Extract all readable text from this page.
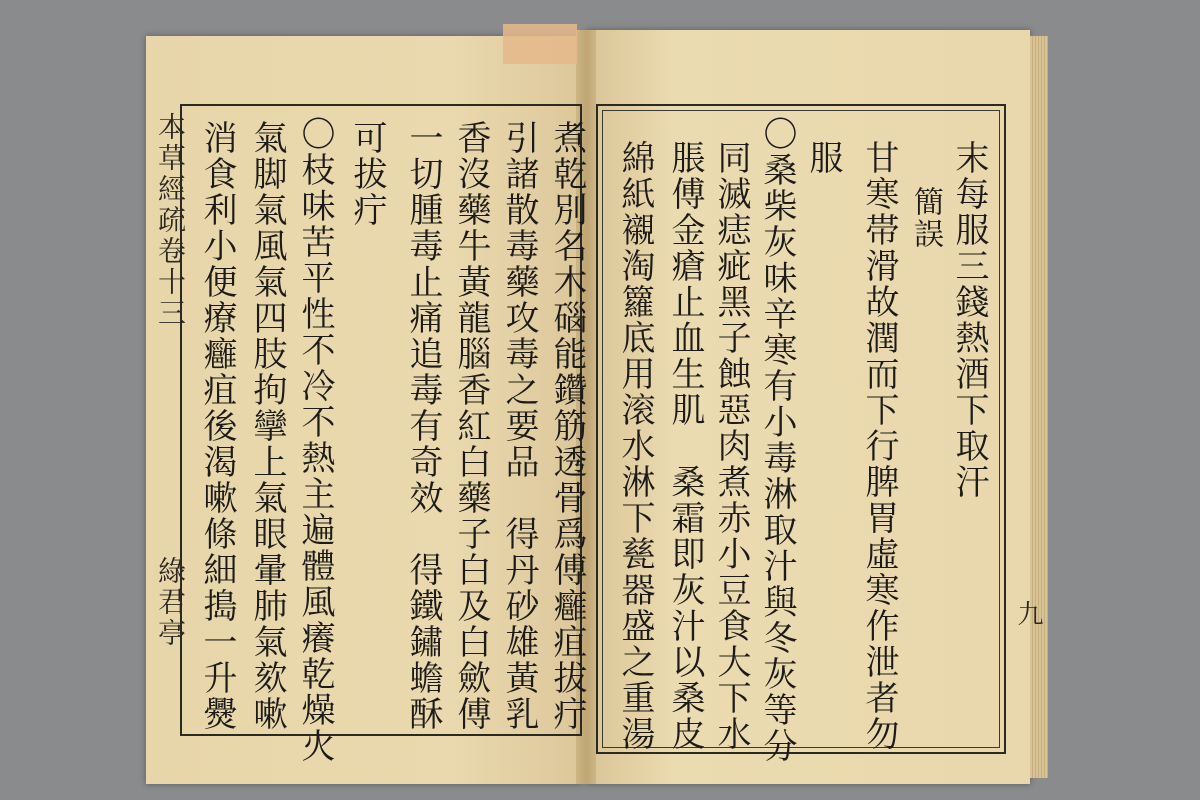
本草經疏卷十三
綠君亭	九
末每服三錢熱酒下取汗
簡誤
甘寒帯滑故潤而下行脾胃虛寒作泄者勿
服
〇桑柴灰味辛寒有小毒淋取汁與冬灰等分
同滅痣疵黑子蝕惡肉煮赤小豆食大下水
脹傅金瘡止血生肌　桑霜即灰汁以桑皮
綿紙襯淘籮底用滚水淋下甆器盛之重湯
煮乾別名木碯能鑽筋透骨爲傅癰疽拔疔
引諸散毒藥攻毒之要品　得丹砂雄黃乳
香沒藥牛黃龍腦香紅白藥子白及白歛傅
一切腫毒止痛追毒有奇效　得鐵鏽蟾酥
可拔疔
〇枝味苦平性不冷不熱主遍體風癢乾燥火
氣脚氣風氣四肢拘攣上氣眼暈肺氣欬嗽
消食利小便療癰疽後渴嗽條細搗一升㸑
